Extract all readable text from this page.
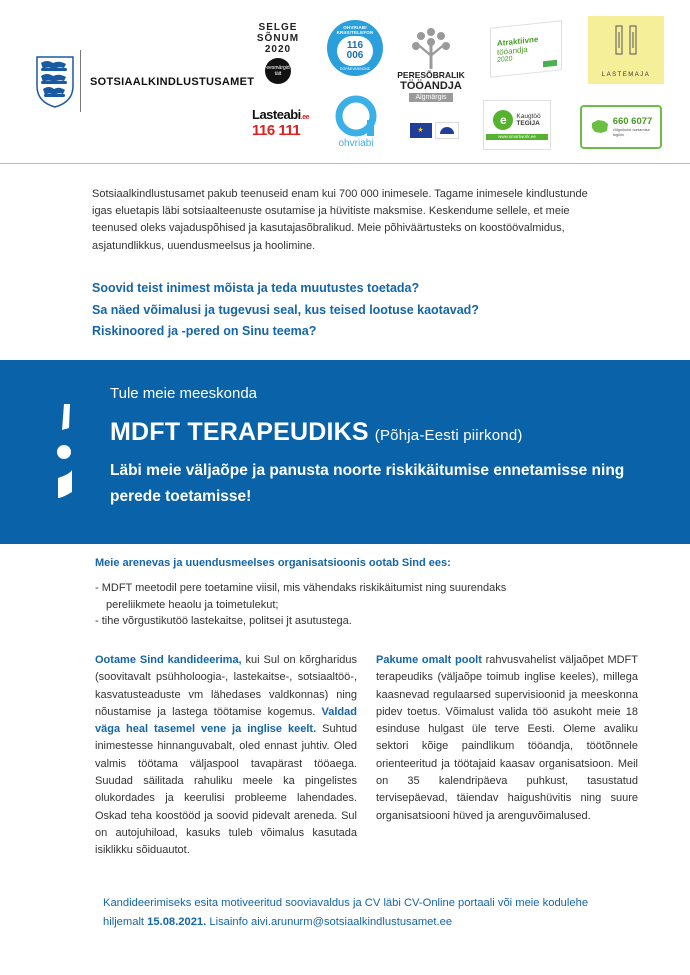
SOTSIAALKINDLUSTUSAMET
SELGE
SÕNUM
2020
eesmärgid täit
OHVRIABI KRIISITELEFON
116
006
ÖÖPÄEVARINGNE
PERESÕBRALIK
TÖÖANDJA
Algmärgis
Atraktiivne
tööandja
2020
LASTEMAJA
Lasteabi.ee
116 111
ohvriabi
★
e	Kaugtöö
TEGIJA
www.smartwork.ee
660 6077
võlgnikuist toetamise
tugiliin
Sotsiaalkindlustusamet pakub teenuseid enam kui 700 000 inimesele. Tagame inimesele kindlustunde igas eluetapis läbi sotsiaalteenuste osutamise ja hüvitiste maksmise. Keskendume sellele, et meie teenused oleks vajaduspõhised ja kasutajasõbralikud. Meie põhiväärtusteks on koostöövalmidus, asjatundlikkus, uuendusmeelsus ja hoolimine.
Soovid teist inimest mõista ja teda muutustes toetada?
Sa näed võimalusi ja tugevusi seal, kus teised lootuse kaotavad?
Riskinoored ja -pered on Sinu teema?
Tule meie meeskonda
MDFT TERAPEUDIKS (Põhja-Eesti piirkond)
Läbi meie väljaõpe ja panusta noorte riskikäitumise ennetamisse ning perede toetamisse!
Meie arenevas ja uuendusmeelses organisatsioonis ootab Sind ees:
- MDFT meetodil pere toetamine viisil, mis vähendaks riskikäitumist ning suurendaks pereliikmete heaolu ja toimetulekut;
- tihe võrgustikutöö lastekaitse, politsei jt asutustega.
Ootame Sind kandideerima, kui Sul on kõrgharidus (soovitavalt psühholoogia-, lastekaitse-, sotsiaaltöö-, kasvatusteaduste vm lähedases valdkonnas) ning nõustamise ja lastega töötamise kogemus. Valdad väga heal tasemel vene ja inglise keelt. Suhtud inimestesse hinnanguvabalt, oled ennast juhtiv. Oled valmis töötama väljaspool tavapärast tööaega. Suudad säilitada rahuliku meele ka pingelistes olukordades ja keerulisi probleeme lahendades. Oskad teha koostööd ja soovid pidevalt areneda. Sul on autojuhiload, kasuks tuleb võimalus kasutada isiklikku sõiduautot.
Pakume omalt poolt rahvusvahelist väljaõpet MDFT terapeudiks (väljaõpe toimub inglise keeles), millega kaasnevad regulaarsed supervisioonid ja meeskonna pidev toetus. Võimalust valida töö asukoht meie 18 esinduse hulgast üle terve Eesti. Oleme avaliku sektori kõige paindlikum tööandja, töötõnnele orienteeritud ja töötajaid kaasav organisatsioon. Meil on 35 kalendripäeva puhkust, tasustatud tervisepäevad, täiendav haigushüvitis ning suure organisatsiooni hüved ja arenguvõimalused.
Kandideerimiseks esita motiveeritud sooviavaldus ja CV läbi CV-Online portaali või meie kodulehe hiljemalt 15.08.2021. Lisainfo aivi.arunurm@sotsiaalkindlustusamet.ee
